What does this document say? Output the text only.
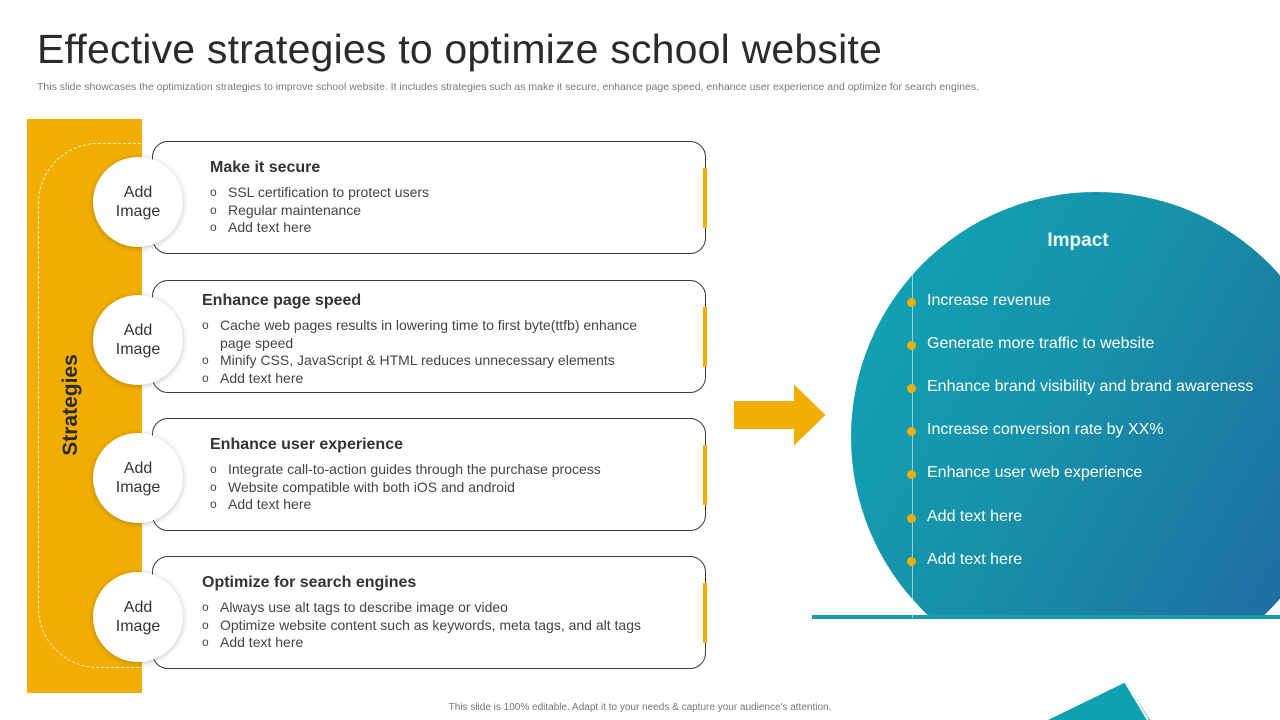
Effective strategies to optimize school website

This slide showcases the optimization strategies to improve school website. It includes strategies such as make it secure, enhance page speed, enhance user experience and optimize for search engines.

Strategies
Make it secure
o SSL certification to protect users
o Regular maintenance
o Add text here
Enhance page speed
o Cache web pages results in lowering time to first byte(ttfb) enhance page speed
o Minify CSS, JavaScript & HTML reduces unnecessary elements
o Add text here
Enhance user experience
o Integrate call-to-action guides through the purchase process
o Website compatible with both iOS and android
o Add text here
Optimize for search engines
o Always use alt tags to describe image or video
o Optimize website content such as keywords, meta tags, and alt tags
o Add text here
Add
Image
Add
Image
Add
Image
Add
Image
Impact
Increase revenue
Generate more traffic to website
Enhance brand visibility and brand awareness
Increase conversion rate by XX%
Enhance user web experience
Add text here
Add text here
This slide is 100% editable. Adapt it to your needs & capture your audience's attention.
